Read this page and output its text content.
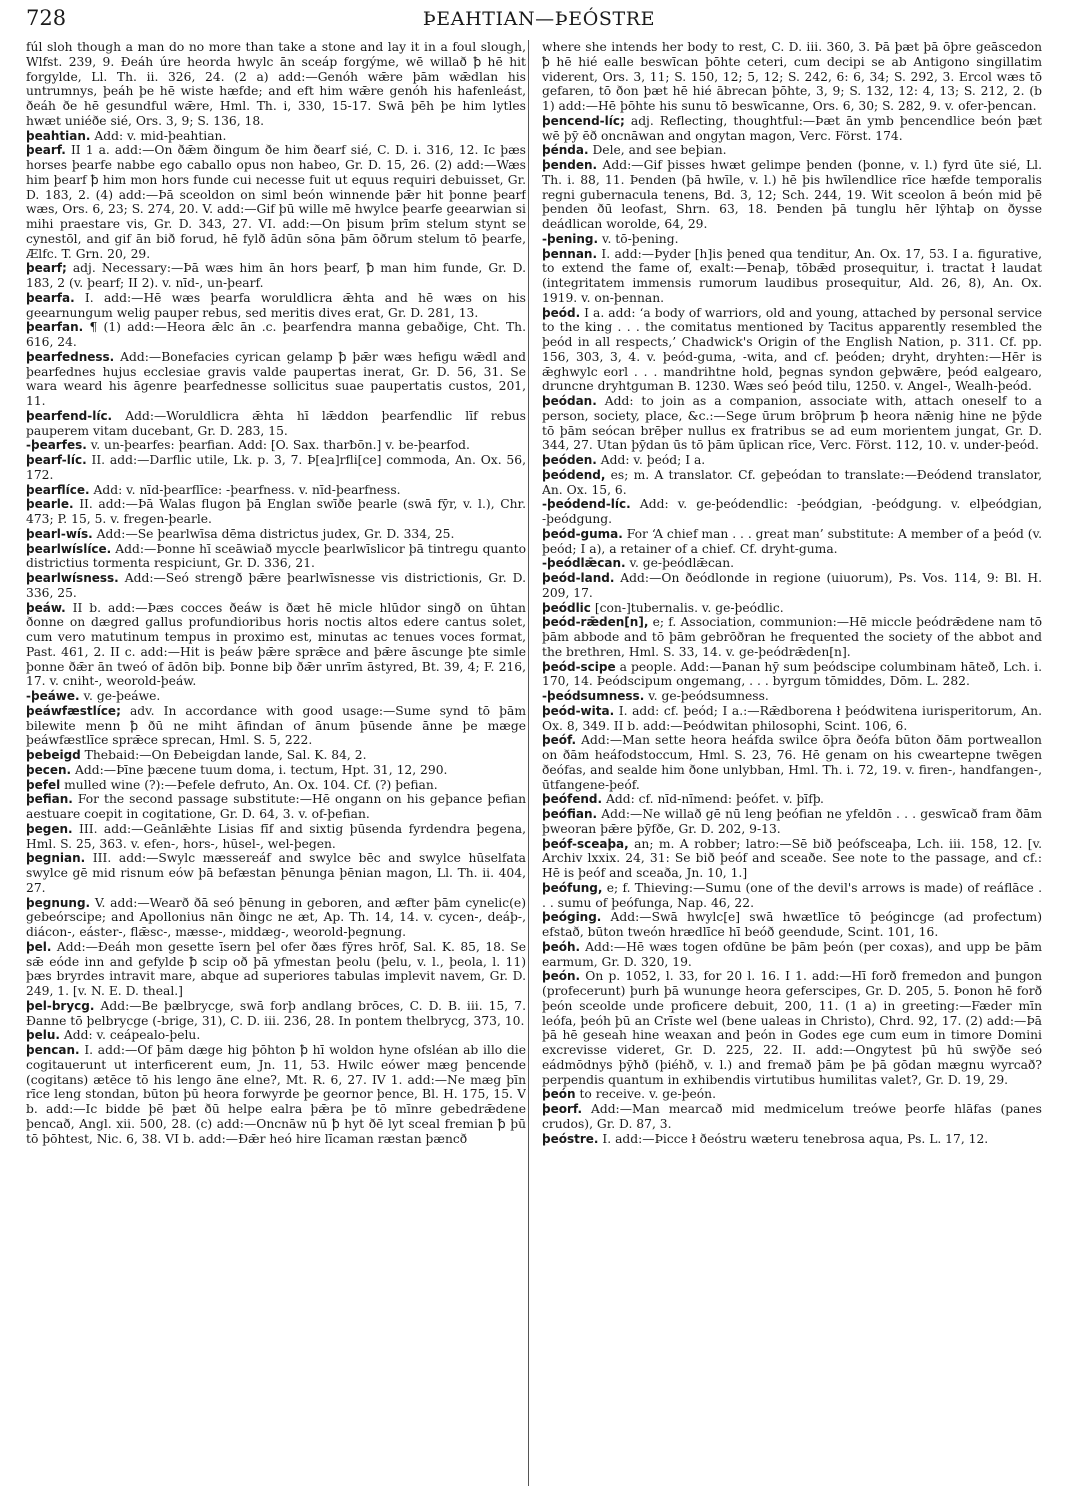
728	ÞEAHTIAN—ÞEÓSTRE

fúl sloh though a man do no more than take a stone and lay it in a foul slough, Wlfst. 239, 9. Ðeáh úre heorda hwylc ān sceáp forgýme, wē willað ꝥ hē hit forgylde, Ll. Th. ii. 326, 24. (2 a) add:—Genóh wǣre þām wǣdlan his untrumnys, þeáh þe hē wiste hæfde; and eft him wǣre genóh his hafenleást, ðeáh ðe hē gesundful wǣre, Hml. Th. i, 330, 15-17. Swā þēh þe him lytles hwæt uniéðe sié, Ors. 3, 9; S. 136, 18.

þeahtian. Add: v. mid-þeahtian.

þearf. II 1 a. add:—On ðǣm ðingum ðe him ðearf sié, C. D. i. 316, 12. Ic þæs horses þearfe nabbe ego caballo opus non habeo, Gr. D. 15, 26. (2) add:—Wæs him þearf ꝥ him mon hors funde cui necesse fuit ut equus requiri debuisset, Gr. D. 183, 2. (4) add:—Þā sceoldon on siml beón winnende þǣr hit þonne þearf wæs, Ors. 6, 23; S. 274, 20. V. add:—Gif þū wille mē hwylce þearfe geearwian si mihi praestare vis, Gr. D. 343, 27. VI. add:—On þisum þrīm stelum stynt se cynestōl, and gif ān bið forud, hē fylð ādūn sōna þām ōðrum stelum tō þearfe, Ælfc. T. Grn. 20, 29.

þearf; adj. Necessary:—Þā wæs him ān hors þearf, ꝥ man him funde, Gr. D. 183, 2 (v. þearf; II 2). v. nīd-, un-þearf.

þearfa. I. add:—Hē wæs þearfa woruldlicra ǣhta and hē wæs on his geearnungum welig pauper rebus, sed meritis dives erat, Gr. D. 281, 13.

þearfan. ¶ (1) add:—Heora ǣlc ān .c. þearfendra manna gebaðige, Cht. Th. 616, 24.

þearfedness. Add:—Bonefacies cyrican gelamp ꝥ þǣr wæs hefigu wǣdl and þearfednes hujus ecclesiae gravis valde paupertas inerat, Gr. D. 56, 31. Se wara weard his āgenre þearfednesse sollicitus suae paupertatis custos, 201, 11.

þearfend-líc. Add:—Woruldlicra ǣhta hī lǣddon þearfendlic līf rebus pauperem vitam ducebant, Gr. D. 283, 15.

-þearfes. v. un-þearfes: þearfian. Add: [O. Sax. tharƀōn.] v. be-þearfod.

þearf-líc. II. add:—Darflic utile, Lk. p. 3, 7. Þ[ea]rfli[ce] commoda, An. Ox. 56, 172.

þearflíce. Add: v. nīd-þearflīce: -þearfness. v. nīd-þearfness.

þearle. II. add:—Þā Walas flugon þā Englan swīðe þearle (swā fȳr, v. l.), Chr. 473; P. 15, 5. v. fregen-þearle.

þearl-wís. Add:—Se þearlwīsa dēma districtus judex, Gr. D. 334, 25.

þearlwíslíce. Add:—Þonne hī sceāwiað myccle þearlwīslicor þā tintregu quanto districtius tormenta respiciunt, Gr. D. 336, 21.

þearlwísness. Add:—Seó strengð þǣre þearlwīsnesse vis districtionis, Gr. D. 336, 25.

þeáw. II b. add:—Þæs cocces ðeáw is ðæt hē micle hlūdor singð on ūhtan ðonne on dægred gallus profundioribus horis noctis altos edere cantus solet, cum vero matutinum tempus in proximo est, minutas ac tenues voces format, Past. 461, 2. II c. add:—Hit is þeáw þǣre sprǣce and þǣre āscunge þte simle þonne ðǣr ān tweó of ādōn biþ. Þonne biþ ðǣr unrīm āstyred, Bt. 39, 4; F. 216, 17. v. cniht-, weorold-þeáw.

-þeáwe. v. ge-þeáwe.

þeáwfæstlíce; adv. In accordance with good usage:—Sume synd tō þām bilewite menn ꝥ ðū ne miht āfindan of ānum þūsende ānne þe mæge þeáwfæstlīce sprǣce sprecan, Hml. S. 5, 222.

þebeigd Thebaid:—On Ðebeigdan lande, Sal. K. 84, 2.

þecen. Add:—Þīne þæcene tuum doma, i. tectum, Hpt. 31, 12, 290.

þefel mulled wine (?):—Þefele defruto, An. Ox. 104. Cf. (?) þefian.

þefian. For the second passage substitute:—Hē ongann on his geþance þefian aestuare coepit in cogitatione, Gr. D. 64, 3. v. of-þefian.

þegen. III. add:—Geānlǣhte Lisias fīf and sixtig þūsenda fyrdendra þegena, Hml. S. 25, 363. v. efen-, hors-, hūsel-, wel-þegen.

þegnian. III. add:—Swylc mæssereáf and swylce bēc and swylce hūselfata swylce gē mid risnum eów þā befæstan þēnunga þēnian magon, Ll. Th. ii. 404, 27.

þegnung. V. add:—Wearð ðā seó þēnung in geboren, and æfter þām cynelic(e) gebeórscipe; and Apollonius nān ðingc ne æt, Ap. Th. 14, 14. v. cycen-, deáþ-, diácon-, eáster-, flǣsc-, mæsse-, middæg-, weorold-þegnung.

þel. Add:—Ðeáh mon gesette īsern þel ofer ðæs fȳres hrōf, Sal. K. 85, 18. Se sǣ eóde inn and gefylde ꝥ scip oð þā yfmestan þeolu (þelu, v. l., þeola, l. 11) þæs bryrdes intravit mare, abque ad superiores tabulas implevit navem, Gr. D. 249, 1. [v. N. E. D. theal.]

þel-brycg. Add:—Be þælbrycge, swā forþ andlang brōces, C. D. B. iii. 15, 7. Ðanne tō þelbrycge (-brige, 31), C. D. iii. 236, 28. In pontem thelbrycg, 373, 10.

þelu. Add: v. ceápealo-þelu.

þencan. I. add:—Of þām dæge hig þōhton ꝥ hī woldon hyne ofsléan ab illo die cogitauerunt ut interficerent eum, Jn. 11, 53. Hwilc eówer mæg þencende (cogitans) ætēce tō his lengo āne elne?, Mt. R. 6, 27. IV 1. add:—Ne mæg þīn rīce leng stondan, būton þū heora forwyrde þe geornor þence, Bl. H. 175, 15. V b. add:—Ic bidde þē þæt ðū helpe ealra þǣra þe tō mīnre gebedrǣdene þencað, Angl. xii. 500, 28. (c) add:—Oncnāw nū ꝥ hyt ðē lyt sceal fremian ꝥ þū tō þōhtest, Nic. 6, 38. VI b. add:—Ðǣr heó hire līcaman ræstan þæncð

where she intends her body to rest, C. D. iii. 360, 3. Þā þæt þā ōþre geāscedon ꝥ hē hié ealle beswīcan þōhte ceteri, cum decipi se ab Antigono singillatim viderent, Ors. 3, 11; S. 150, 12; 5, 12; S. 242, 6: 6, 34; S. 292, 3. Ercol wæs tō gefaren, tō ðon þæt hē hié ābrecan þōhte, 3, 9; S. 132, 12: 4, 13; S. 212, 2. (b 1) add:—Hē þōhte his sunu tō beswīcanne, Ors. 6, 30; S. 282, 9. v. ofer-þencan.

þencend-líc; adj. Reflecting, thoughtful:—Þæt ān ymb þencendlice beón þæt wē þȳ ēð oncnāwan and ongytan magon, Verc. Först. 174.

þénda. Dele, and see beþian.

þenden. Add:—Gif þisses hwæt gelimpe þenden (þonne, v. l.) fyrd ūte sié, Ll. Th. i. 88, 11. Þenden (þā hwīle, v. l.) hē þis hwīlendlice rīce hæfde temporalis regni gubernacula tenens, Bd. 3, 12; Sch. 244, 19. Wit sceolon ā beón mid þē þenden ðū leofast, Shrn. 63, 18. Þenden þā tunglu hēr lȳhtaþ on ðysse deádlican worolde, 64, 29.

-þening. v. tō-þening.

þennan. I. add:—Þyder [h]is þened qua tenditur, An. Ox. 17, 53. I a. figurative, to extend the fame of, exalt:—Þenaþ, tōbǣd prosequitur, i. tractat ł laudat (integritatem immensis rumorum laudibus prosequitur, Ald. 26, 8), An. Ox. 1919. v. on-þennan.

þeód. I a. add: ‘a body of warriors, old and young, attached by personal service to the king . . . the comitatus mentioned by Tacitus apparently resembled the þeód in all respects,’ Chadwick's Origin of the English Nation, p. 311. Cf. pp. 156, 303, 3, 4. v. þeód-guma, -wita, and cf. þeóden; dryht, dryhten:—Hēr is ǣghwylc eorl . . . mandrihtne hold, þegnas syndon geþwǣre, þeód ealgearo, druncne dryhtguman B. 1230. Wæs seó þeód tilu, 1250. v. Angel-, Wealh-þeód.

þeódan. Add: to join as a companion, associate with, attach oneself to a person, society, place, &c.:—Sege ūrum brōþrum ꝥ heora nǣnig hine ne þȳde tō þām seócan brēþer nullus ex fratribus se ad eum morientem jungat, Gr. D. 344, 27. Utan þȳdan ūs tō þām ūplican rīce, Verc. Först. 112, 10. v. under-þeód.

þeóden. Add: v. þeód; I a.

þeódend, es; m. A translator. Cf. geþeódan to translate:—Ðeódend translator, An. Ox. 15, 6.

-þeódend-líc. Add: v. ge-þeódendlic: -þeódgian, -þeódgung. v. elþeódgian, -þeódgung.

þeód-guma. For ‘A chief man . . . great man’ substitute: A member of a þeód (v. þeód; I a), a retainer of a chief. Cf. dryht-guma.

-þeódlǣcan. v. ge-þeódlǣcan.

þeód-land. Add:—On ðeódlonde in regione (uiuorum), Ps. Vos. 114, 9: Bl. H. 209, 17.

þeódlic [con-]tubernalis. v. ge-þeódlic.

þeód-rǣden[n], e; f. Association, communion:—Hē miccle þeódrǣdene nam tō þām abbode and tō þām gebrōðran he frequented the society of the abbot and the brethren, Hml. S. 33, 14. v. ge-þeódrǣden[n].

þeód-scipe a people. Add:—Þanan hȳ sum þeódscipe columbinam hāteð, Lch. i. 170, 14. Þeódscipum ongemang, . . . byrgum tōmiddes, Dōm. L. 282.

-þeódsumness. v. ge-þeódsumness.

þeód-wita. I. add: cf. þeód; I a.:—Rǣdborena ł þeódwitena iurisperitorum, An. Ox. 8, 349. II b. add:—Þeódwitan philosophi, Scint. 106, 6.

þeóf. Add:—Man sette heora heáfda swilce ōþra ðeófa būton ðām portweallon on ðām heáfodstoccum, Hml. S. 23, 76. Hē genam on his cweartерne twēgen ðeófas, and sealde him ðone unlybban, Hml. Th. i. 72, 19. v. firen-, handfangen-, ūtfangene-þeóf.

þeófend. Add: cf. nīd-nīmend: þeófet. v. þīfþ.

þeófian. Add:—Ne willað gē nū leng þeófian ne yfeldōn . . . geswīcað fram ðām þweoran þǣre þȳfðe, Gr. D. 202, 9-13.

þeóf-sceaþa, an; m. A robber; latro:—Sē bið þeófsceaþa, Lch. iii. 158, 12. [v. Archiv lxxix. 24, 31: Se bið þeóf and sceaðe. See note to the passage, and cf.: Hē is þeóf and sceaða, Jn. 10, 1.]

þeófung, e; f. Thieving:—Sumu (one of the devil's arrows is made) of reáflāce . . . sumu of þeófunga, Nap. 46, 22.

þeóging. Add:—Swā hwylc[e] swā hwætlīce tō þeógincge (ad profectum) efstað, būton tweón hrædlīce hī beóð geendude, Scint. 101, 16.

þeóh. Add:—Hē wæs togen ofdūne be þām þeón (per coxas), and upp be þām earmum, Gr. D. 320, 19.

þeón. On p. 1052, l. 33, for 20 l. 16. I 1. add:—Hī forð fremedon and þungon (profecerunt) þurh þā wununge heora geferscipes, Gr. D. 205, 5. Þonon hē forð þeón sceolde unde proficere debuit, 200, 11. (1 a) in greeting:—Fæder mīn leófa, þeóh þū an Crīste wel (bene ualeas in Christo), Chrd. 92, 17. (2) add:—Þā þā hē geseah hine weaxan and þeón in Godes ege cum eum in timore Domini excrevisse videret, Gr. D. 225, 22. II. add:—Ongytest þū hū swȳðe seó eádmōdnys þȳhð (þiéhð, v. l.) and fremað þām þe þā gōdan mægnu wyrcað? perpendis quantum in exhibendis virtutibus humilitas valet?, Gr. D. 19, 29.

þeón to receive. v. ge-þeón.

þeorf. Add:—Man mearcað mid medmicelum treówe þeorfe hlāfas (panes crudos), Gr. D. 87, 3.

þeóstre. I. add:—Þicce ł ðeóstru wæteru tenebrosa aqua, Ps. L. 17, 12.
